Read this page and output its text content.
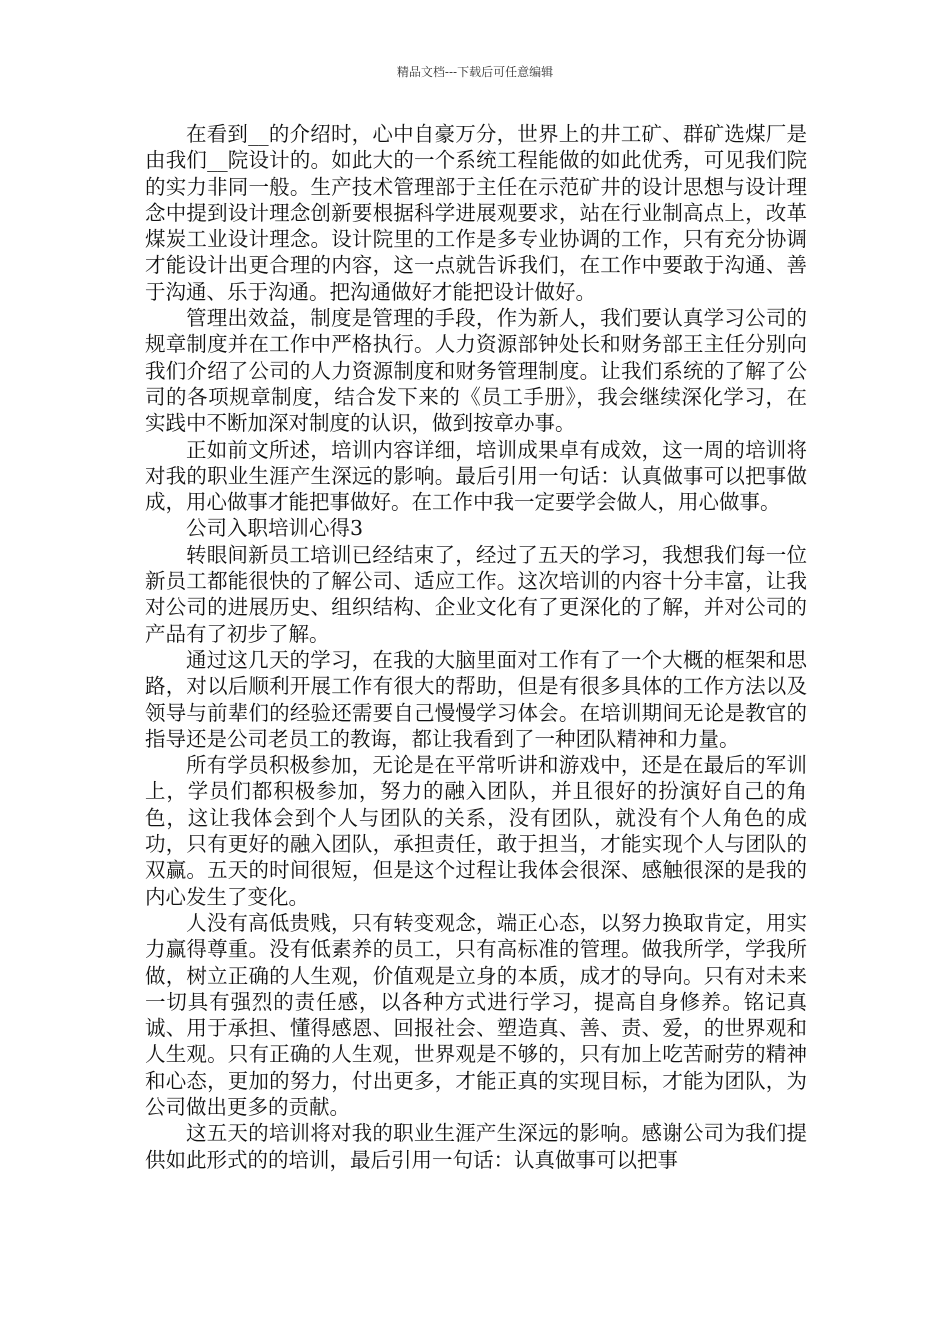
精品文档---下载后可任意编辑

在看到__的介绍时，心中自豪万分，世界上的井工矿、群矿选煤厂是由我们__院设计的。如此大的一个系统工程能做的如此优秀，可见我们院的实力非同一般。生产技术管理部于主任在示范矿井的设计思想与设计理念中提到设计理念创新要根据科学进展观要求，站在行业制高点上，改革煤炭工业设计理念。设计院里的工作是多专业协调的工作，只有充分协调才能设计出更合理的内容，这一点就告诉我们，在工作中要敢于沟通、善于沟通、乐于沟通。把沟通做好才能把设计做好。

管理出效益，制度是管理的手段，作为新人，我们要认真学习公司的规章制度并在工作中严格执行。人力资源部钟处长和财务部王主任分别向我们介绍了公司的人力资源制度和财务管理制度。让我们系统的了解了公司的各项规章制度，结合发下来的《员工手册》，我会继续深化学习，在实践中不断加深对制度的认识，做到按章办事。

正如前文所述，培训内容详细，培训成果卓有成效，这一周的培训将对我的职业生涯产生深远的影响。最后引用一句话：认真做事可以把事做成，用心做事才能把事做好。在工作中我一定要学会做人，用心做事。

公司入职培训心得3

转眼间新员工培训已经结束了，经过了五天的学习，我想我们每一位新员工都能很快的了解公司、适应工作。这次培训的内容十分丰富，让我对公司的进展历史、组织结构、企业文化有了更深化的了解，并对公司的产品有了初步了解。

通过这几天的学习，在我的大脑里面对工作有了一个大概的框架和思路，对以后顺利开展工作有很大的帮助，但是有很多具体的工作方法以及领导与前辈们的经验还需要自己慢慢学习体会。在培训期间无论是教官的指导还是公司老员工的教诲，都让我看到了一种团队精神和力量。

所有学员积极参加，无论是在平常听讲和游戏中，还是在最后的军训上，学员们都积极参加，努力的融入团队，并且很好的扮演好自己的角色，这让我体会到个人与团队的关系，没有团队，就没有个人角色的成功，只有更好的融入团队，承担责任，敢于担当，才能实现个人与团队的双赢。五天的时间很短，但是这个过程让我体会很深、感触很深的是我的内心发生了变化。

人没有高低贵贱，只有转变观念，端正心态，以努力换取肯定，用实力赢得尊重。没有低素养的员工，只有高标准的管理。做我所学，学我所做，树立正确的人生观，价值观是立身的本质，成才的导向。只有对未来一切具有强烈的责任感，以各种方式进行学习，提高自身修养。铭记真诚、用于承担、懂得感恩、回报社会、塑造真、善、责、爱，的世界观和人生观。只有正确的人生观，世界观是不够的，只有加上吃苦耐劳的精神和心态，更加的努力，付出更多，才能正真的实现目标，才能为团队，为公司做出更多的贡献。

这五天的培训将对我的职业生涯产生深远的影响。感谢公司为我们提供如此形式的的培训，最后引用一句话：认真做事可以把事
